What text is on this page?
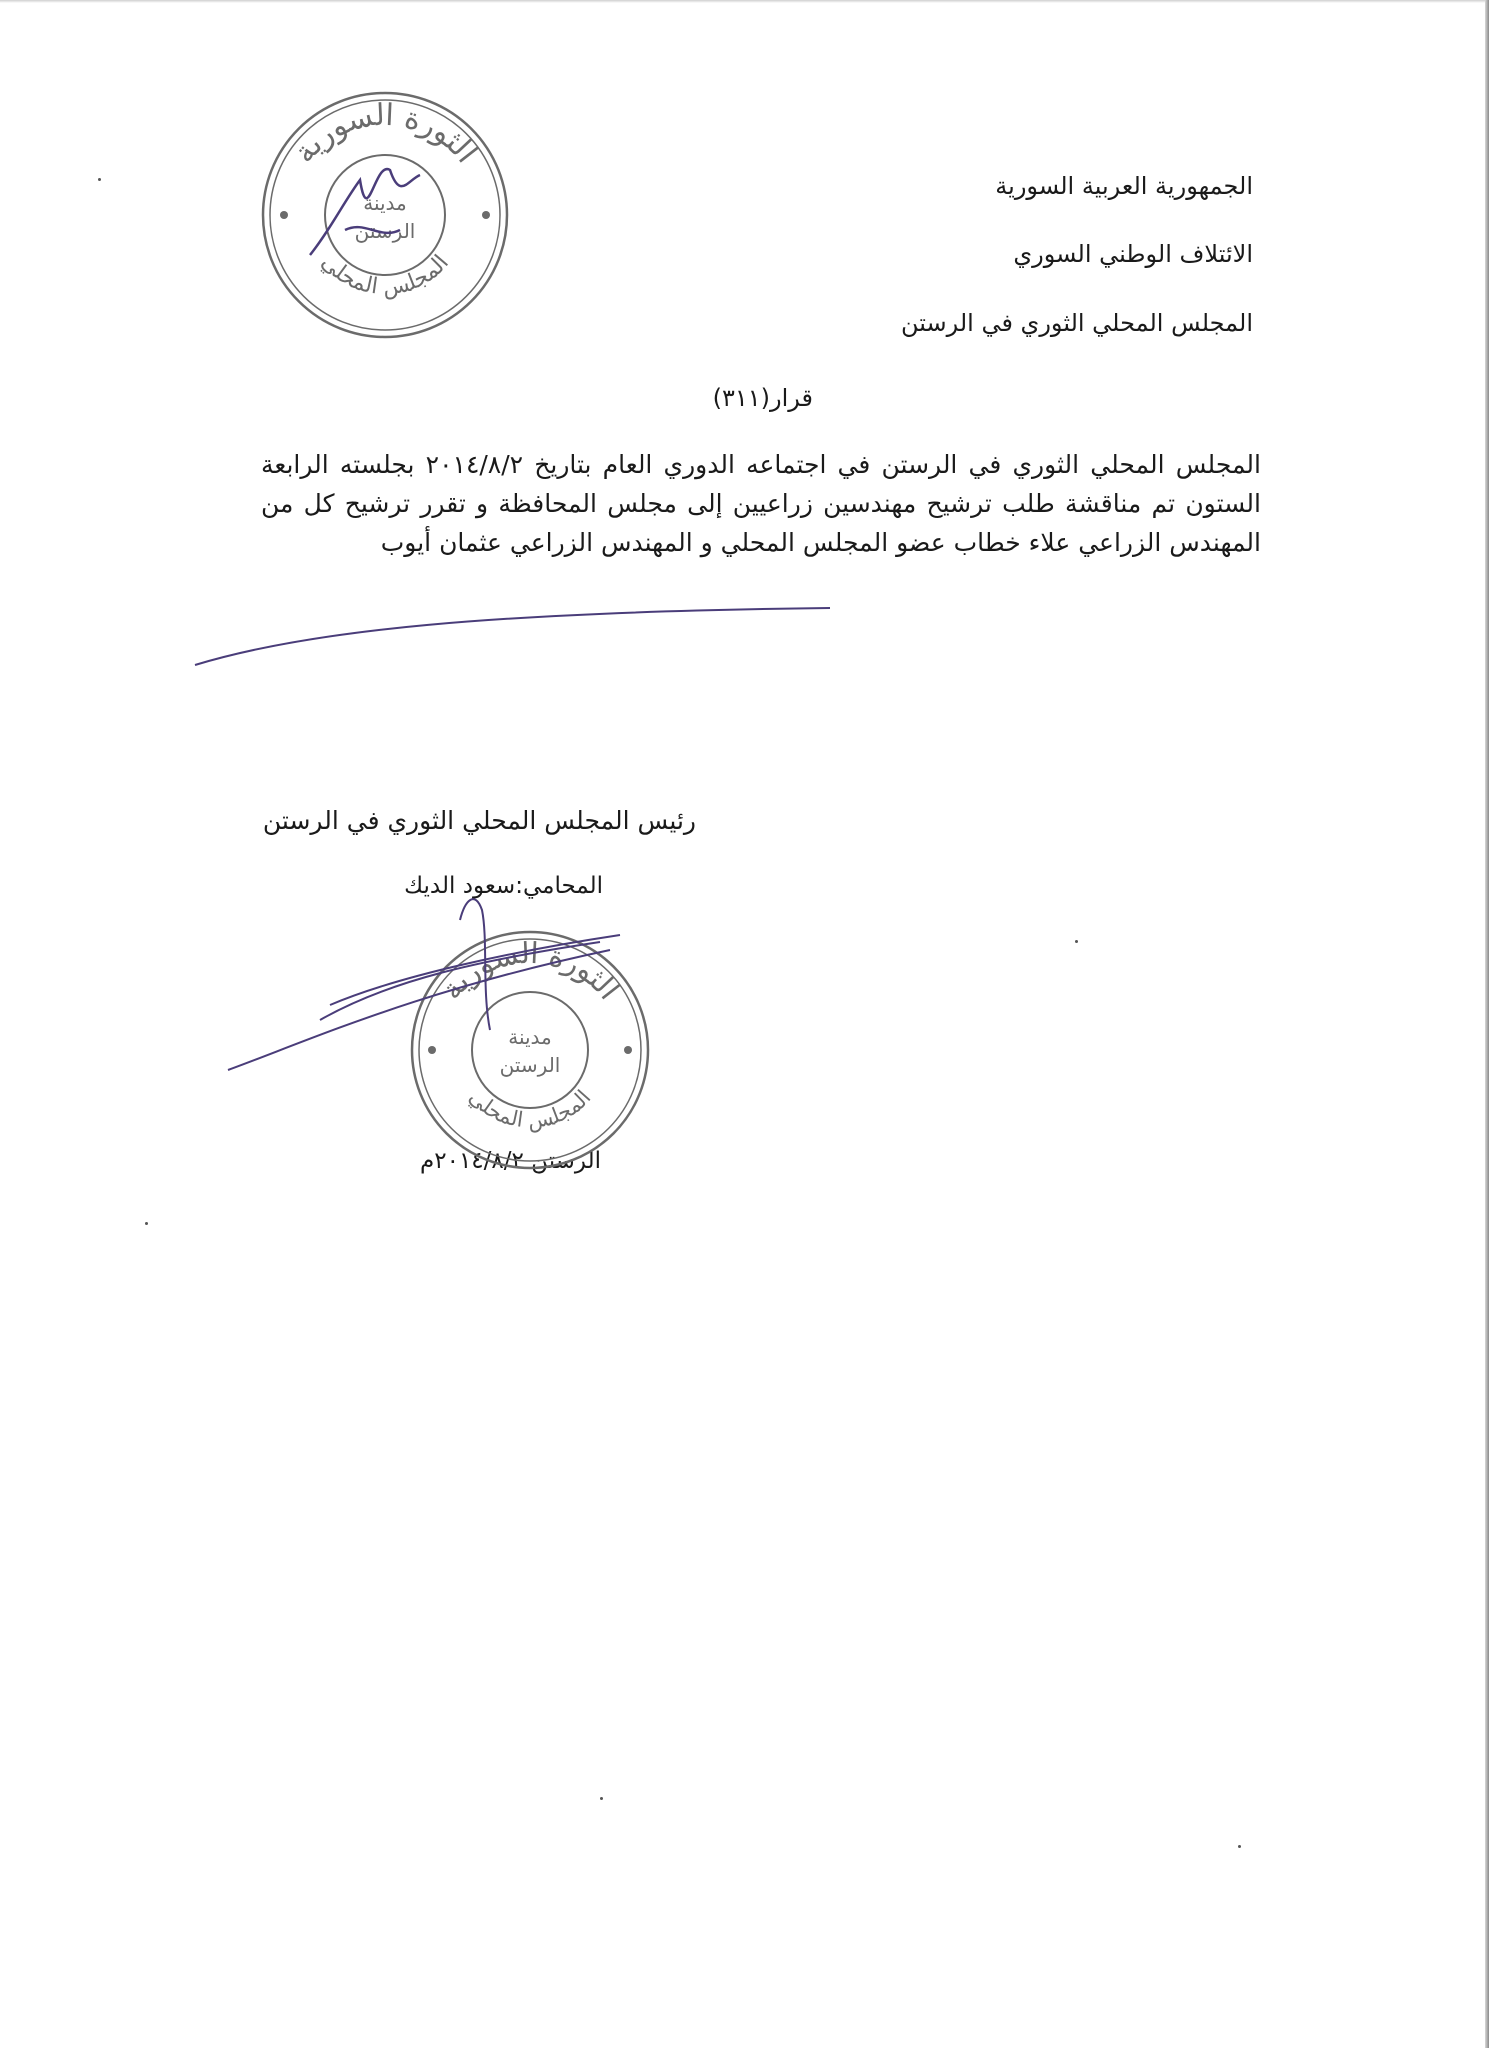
الجمهورية العربية السورية
الائتلاف الوطني السوري
المجلس المحلي الثوري في الرستن
قرار(٣١١)
المجلس المحلي الثوري في الرستن في اجتماعه الدوري العام بتاريخ ٢٠١٤/٨/٢ بجلسته الرابعة الستون تم مناقشة طلب ترشيح مهندسين زراعيين إلى مجلس المحافظة و تقرر ترشيح كل من المهندس الزراعي علاء خطاب عضو المجلس المحلي و المهندس الزراعي عثمان أيوب
رئيس المجلس المحلي الثوري في الرستن
المحامي:سعود الديك
الرستن ٢٠١٤/٨/٢م
الثورة السورية
المجلس المحلي
مدينة
الرستن
الثورة السورية
المجلس المحلي
مدينة
الرستن
